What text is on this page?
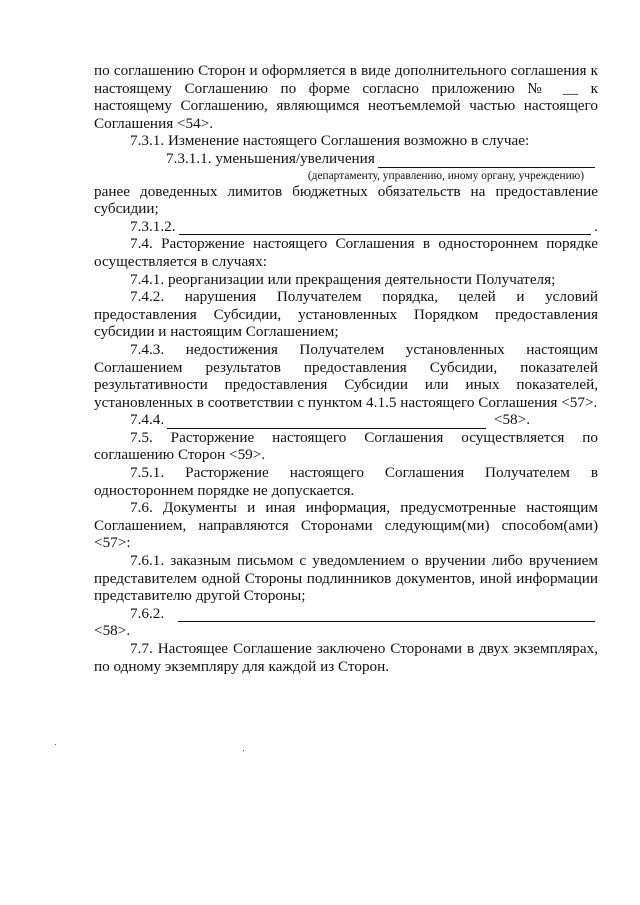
по соглашению Сторон и оформляется в виде дополнительного соглашения к настоящему Соглашению по форме согласно приложению № __ к настоящему Соглашению, являющимся неотъемлемой частью настоящего Соглашения <54>.

7.3.1. Изменение настоящего Соглашения возможно в случае:

7.3.1.1. уменьшения/увеличения
(департаменту, управлению, иному органу, учреждению)

ранее доведенных лимитов бюджетных обязательств на предоставление субсидии;

7.3.1.2.	.

7.4. Расторжение настоящего Соглашения в одностороннем порядке осуществляется в случаях:

7.4.1. реорганизации или прекращения деятельности Получателя;

7.4.2. нарушения Получателем порядка, целей и условий предоставления Субсидии, установленных Порядком предоставления субсидии и настоящим Соглашением;

7.4.3. недостижения Получателем установленных настоящим Соглашением результатов предоставления Субсидии, показателей результативности предоставления Субсидии или иных показателей, установленных в соответствии с пунктом 4.1.5 настоящего Соглашения <57>.

7.4.4.	<58>.

7.5. Расторжение настоящего Соглашения осуществляется по соглашению Сторон <59>.

7.5.1. Расторжение настоящего Соглашения Получателем в одностороннем порядке не допускается.

7.6. Документы и иная информация, предусмотренные настоящим Соглашением, направляются Сторонами следующим(ми) способом(ами) <57>:

7.6.1. заказным письмом с уведомлением о вручении либо вручением представителем одной Стороны подлинников документов, иной информации представителю другой Стороны;

7.6.2.

<58>.

7.7. Настоящее Соглашение заключено Сторонами в двух экземплярах, по одному экземпляру для каждой из Сторон.
